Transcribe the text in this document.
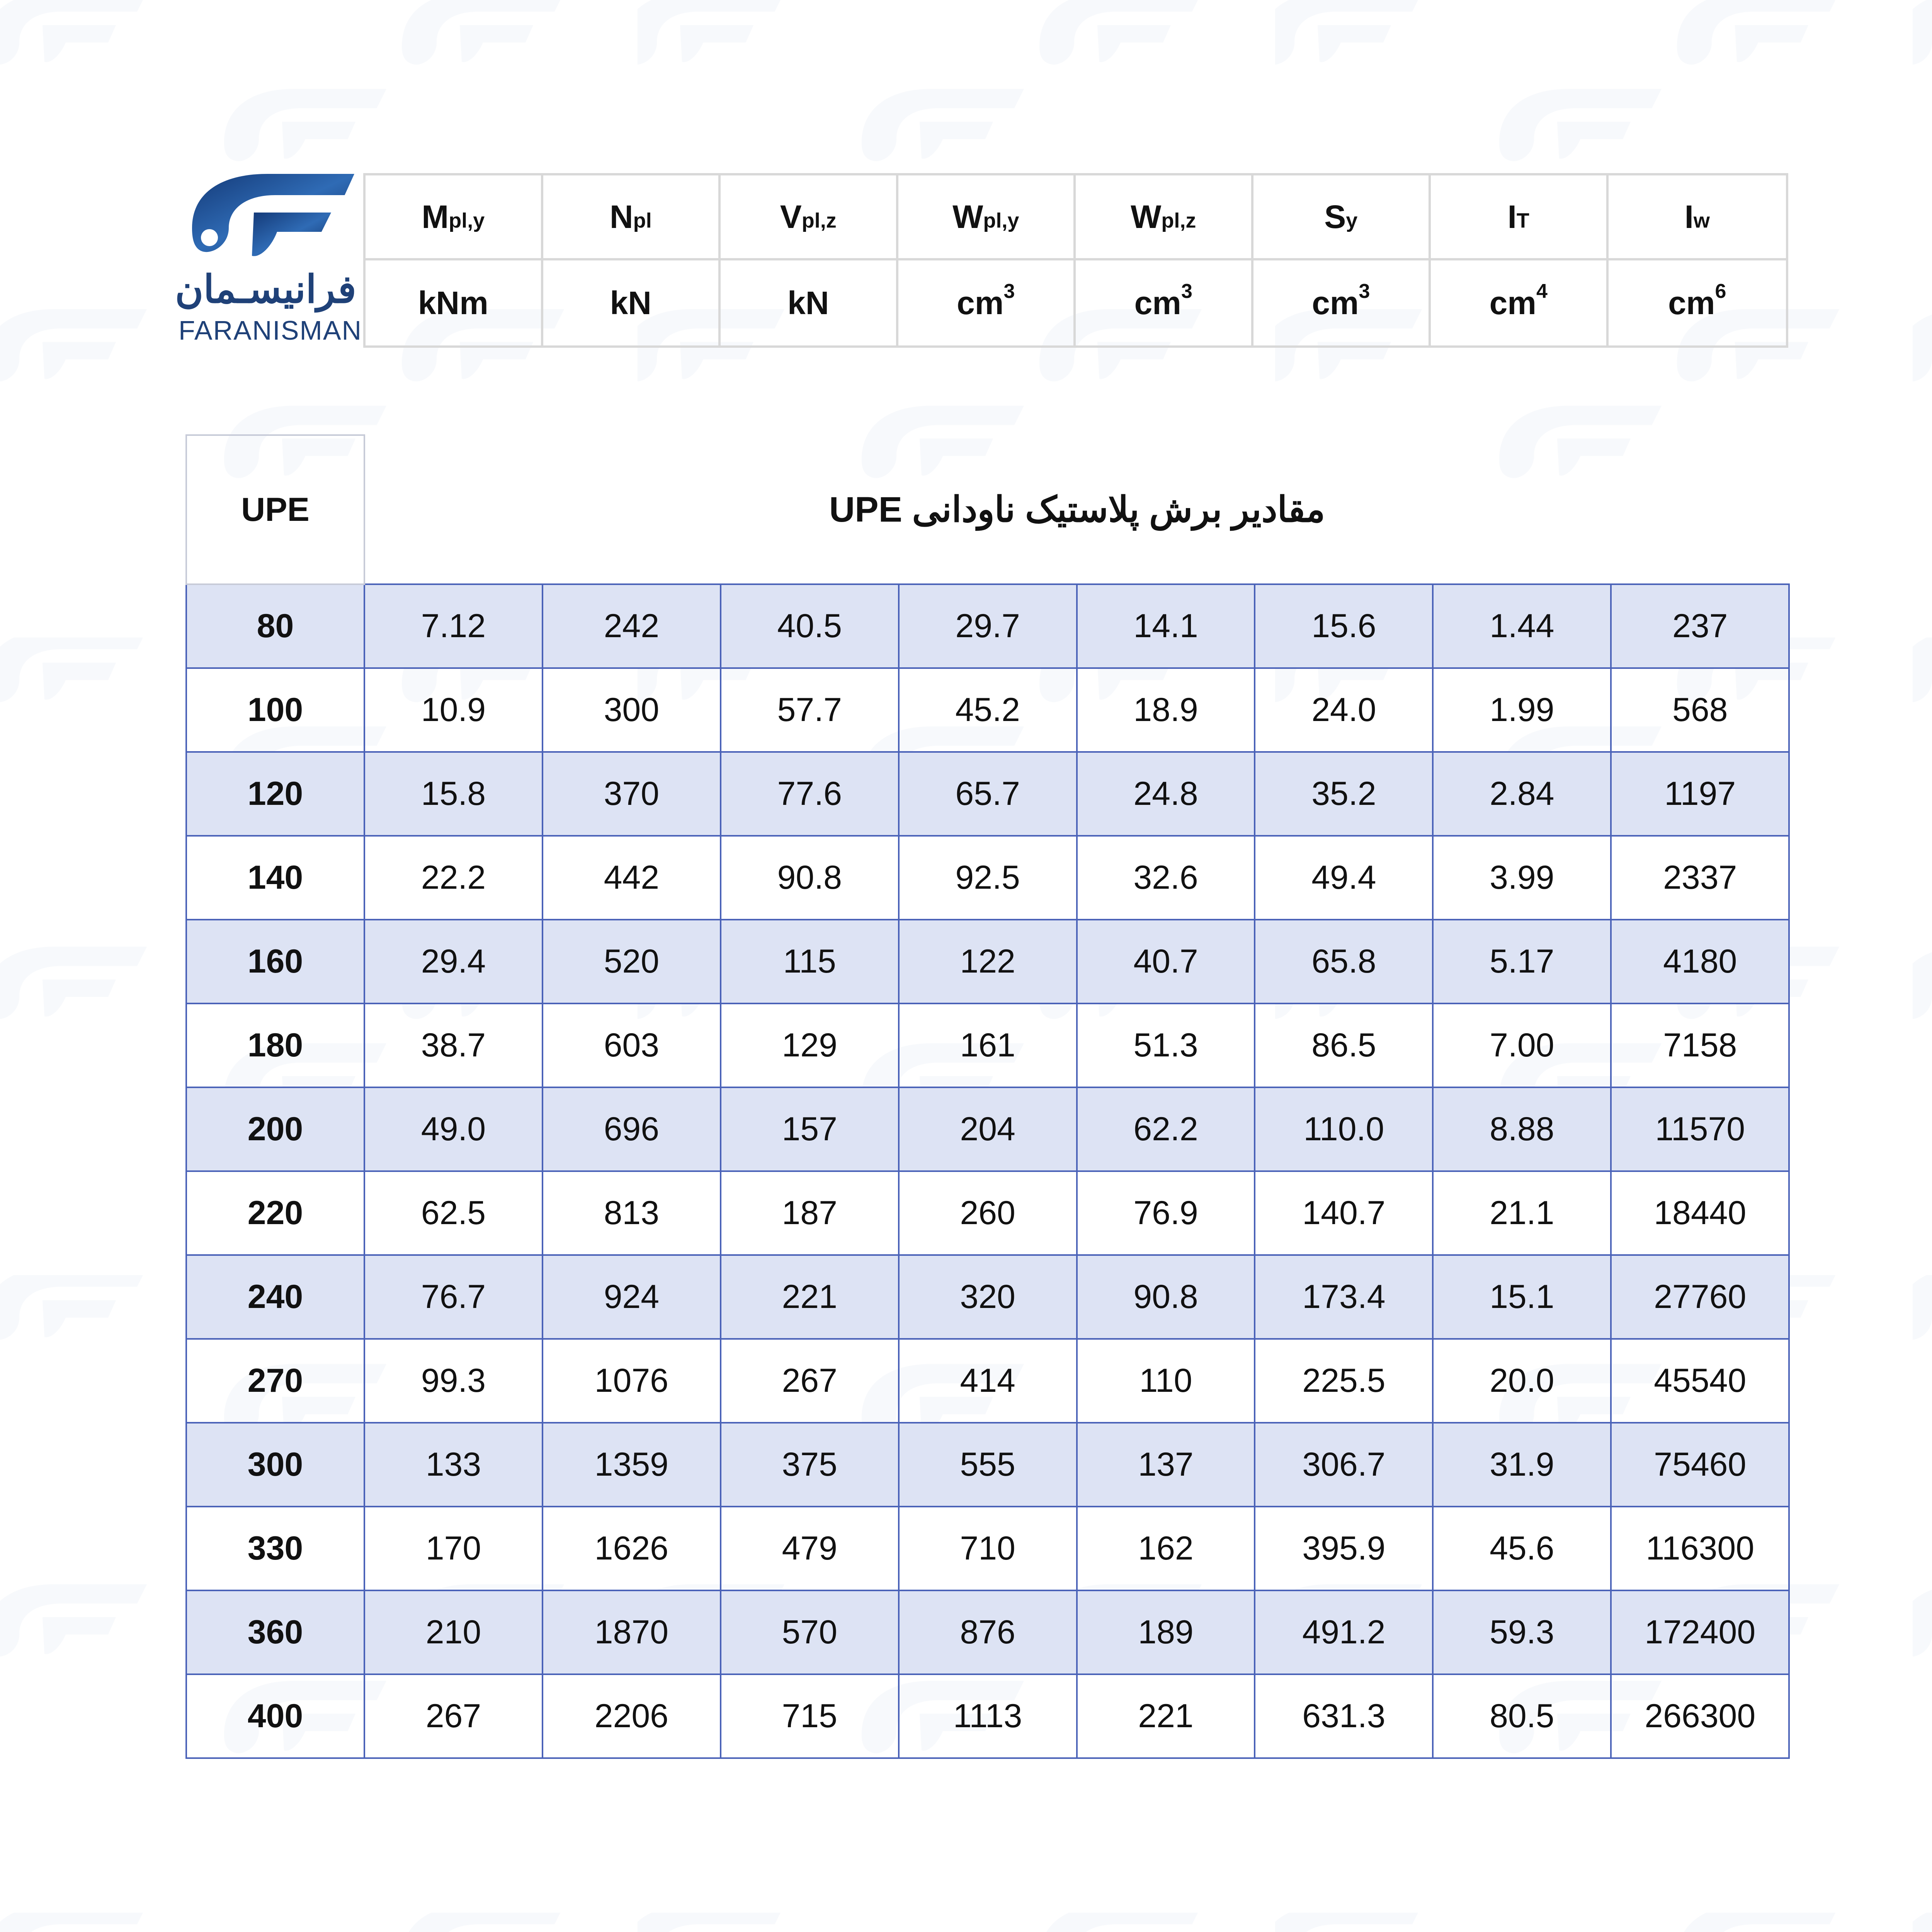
فرانیسـمان
FARANISMAN
$M_{pl,y}$	$N_{pl}$	$V_{pl,z}$	$W_{pl,y}$	$W_{pl,z}$	$S_y$	$I_T$	$I_w$
kNm	kN	kN	$cm^3$	$cm^3$	$cm^3$	$cm^4$	$cm^6$
UPE	مقادیر برش پلاستیک ناودانی UPE							
80	7.12	242	40.5	29.7	14.1	15.6	1.44	237
100	10.9	300	57.7	45.2	18.9	24.0	1.99	568
120	15.8	370	77.6	65.7	24.8	35.2	2.84	1197
140	22.2	442	90.8	92.5	32.6	49.4	3.99	2337
160	29.4	520	115	122	40.7	65.8	5.17	4180
180	38.7	603	129	161	51.3	86.5	7.00	7158
200	49.0	696	157	204	62.2	110.0	8.88	11570
220	62.5	813	187	260	76.9	140.7	21.1	18440
240	76.7	924	221	320	90.8	173.4	15.1	27760
270	99.3	1076	267	414	110	225.5	20.0	45540
300	133	1359	375	555	137	306.7	31.9	75460
330	170	1626	479	710	162	395.9	45.6	116300
360	210	1870	570	876	189	491.2	59.3	172400
400	267	2206	715	1113	221	631.3	80.5	266300
